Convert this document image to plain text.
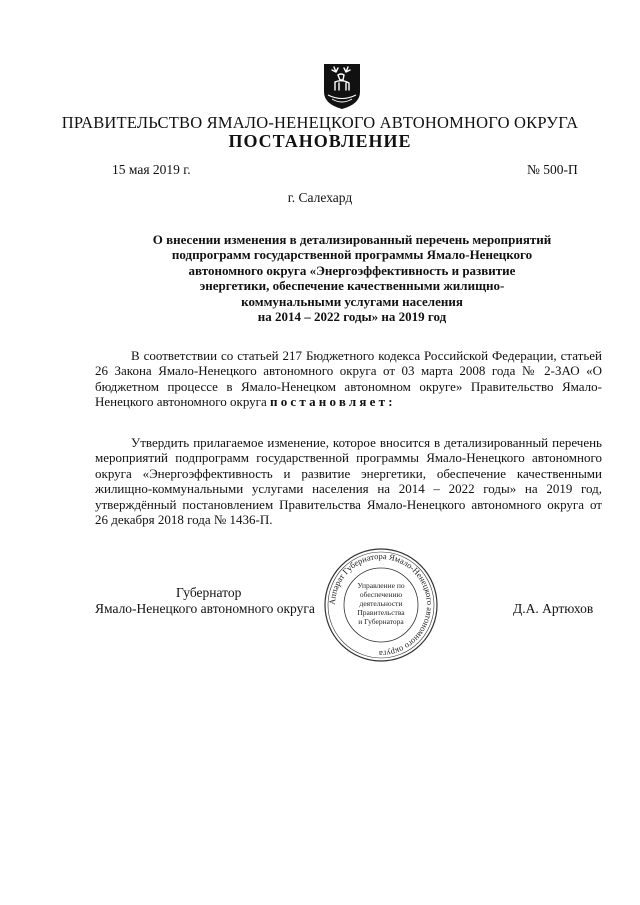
ПРАВИТЕЛЬСТВО ЯМАЛО-НЕНЕЦКОГО АВТОНОМНОГО ОКРУГА
ПОСТАНОВЛЕНИЕ
15 мая 2019 г.	№ 500-П
г. Салехард
О внесении изменения в детализированный перечень мероприятий
подпрограмм государственной программы Ямало-Ненецкого
автономного округа «Энергоэффективность и развитие
энергетики, обеспечение качественными жилищно-
коммунальными услугами населения
на 2014 – 2022 годы» на 2019 год
В соответствии со статьей 217 Бюджетного кодекса Российской Федерации, статьей 26 Закона Ямало-Ненецкого автономного округа от 03 марта 2008 года № 2-ЗАО «О бюджетном процессе в Ямало-Ненецком автономном округе» Правительство Ямало-Ненецкого автономного округа постановляет:
Утвердить прилагаемое изменение, которое вносится в детализированный перечень мероприятий подпрограмм государственной программы Ямало-Ненецкого автономного округа «Энергоэффективность и развитие энергетики, обеспечение качественными жилищно-коммунальными услугами населения на 2014 – 2022 годы» на 2019 год, утверждённый постановлением Правительства Ямало-Ненецкого автономного округа от 26 декабря 2018 года № 1436-П.
Губернатор
Ямало-Ненецкого автономного округа	Д.А. Артюхов
Аппарат Губернатора Ямало-Ненецкого автономного округа
Управление по
обеспечению
деятельности
Правительства
и Губернатора
